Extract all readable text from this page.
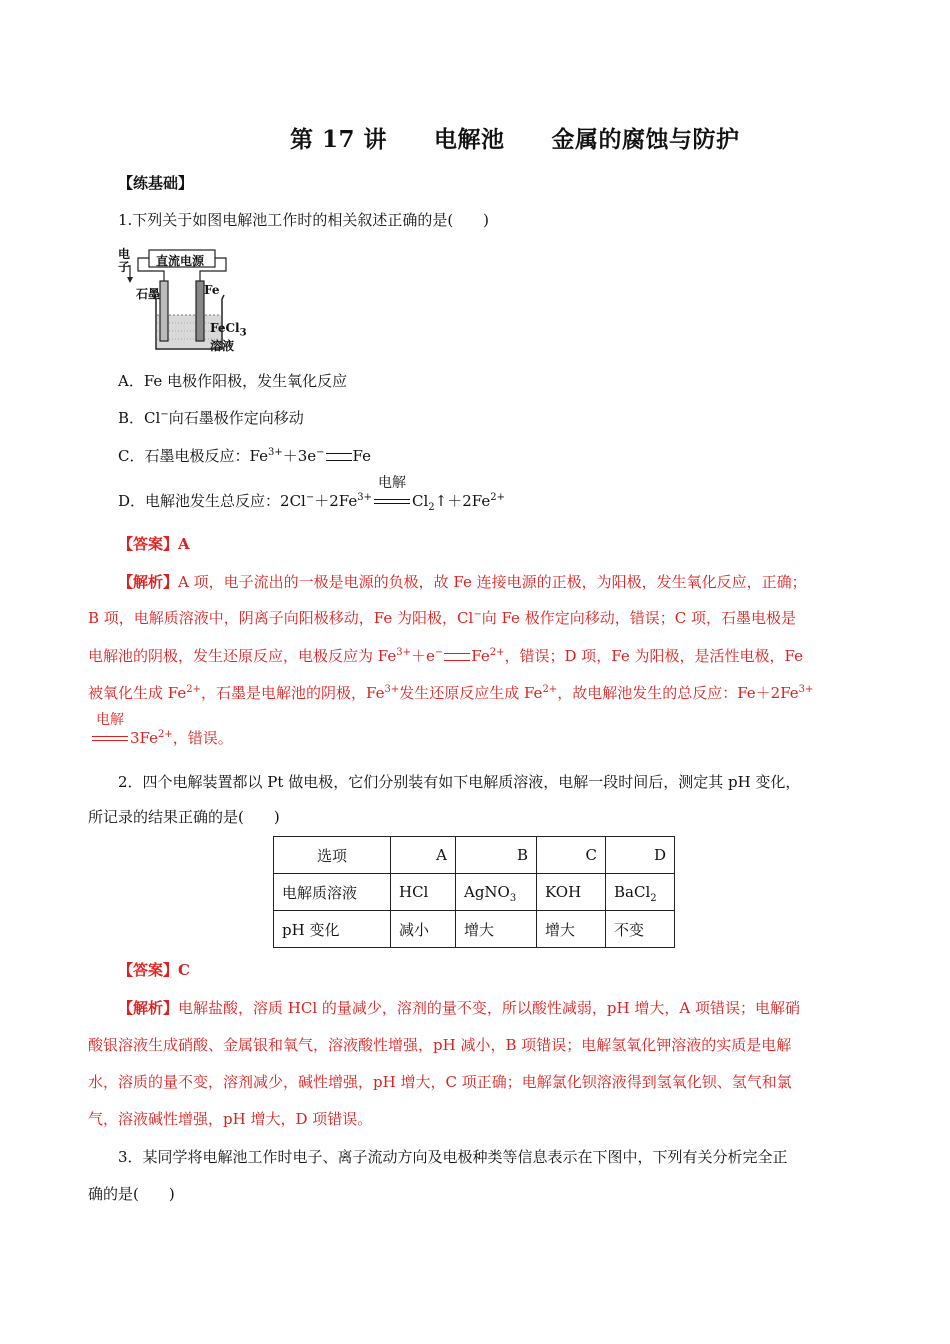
第 17 讲　　电解池　　金属的腐蚀与防护
【练基础】
1.下列关于如图电解池工作时的相关叙述正确的是(　　)
电子 直流电源
石墨	Fe
FeCl$_3$
溶液
A．Fe 电极作阳极，发生氧化反应
B．Cl−向石墨极作定向移动
C．石墨电极反应：$Fe^{3+}+3e^-$ Fe
D．电解池发生总反应：$2Cl^-+2Fe^{3+}$
电解
$Cl_2↑+2Fe^{2+}$
【答案】A
【解析】A 项，电子流出的一极是电源的负极，故 Fe 连接电源的正极，为阳极，发生氧化反应，正确；
B 项，电解质溶液中，阴离子向阳极移动，Fe 为阳极，Cl−向 Fe 极作定向移动，错误；C 项，石墨电极是
电解池的阴极，发生还原反应，电极反应为 $Fe^{3+}+e^-$ $Fe^{2+}$，错误；D 项，Fe 为阳极，是活性电极，Fe
被氧化生成 $Fe^{2+}$，石墨是电解池的阴极，$Fe^{3+}$发生还原反应生成 $Fe^{2+}$，故电解池发生的总反应：$Fe+2Fe^{3+}$
电解
$3Fe^{2+}$，错误。
2．四个电解装置都以 Pt 做电极，它们分别装有如下电解质溶液，电解一段时间后，测定其 pH 变化，
所记录的结果正确的是(　　)
选项	A	B	C	D
电解质溶液	HCl	AgNO$_3$	KOH	BaCl$_2$
pH 变化	减小	增大	增大	不变
【答案】C
【解析】电解盐酸，溶质 HCl 的量减少，溶剂的量不变，所以酸性减弱，pH 增大，A 项错误；电解硝
酸银溶液生成硝酸、金属银和氧气，溶液酸性增强，pH 减小，B 项错误；电解氢氧化钾溶液的实质是电解
水，溶质的量不变，溶剂减少，碱性增强，pH 增大，C 项正确；电解氯化钡溶液得到氢氧化钡、氢气和氯
气，溶液碱性增强，pH 增大，D 项错误。
3．某同学将电解池工作时电子、离子流动方向及电极种类等信息表示在下图中，下列有关分析完全正
确的是(　　)
